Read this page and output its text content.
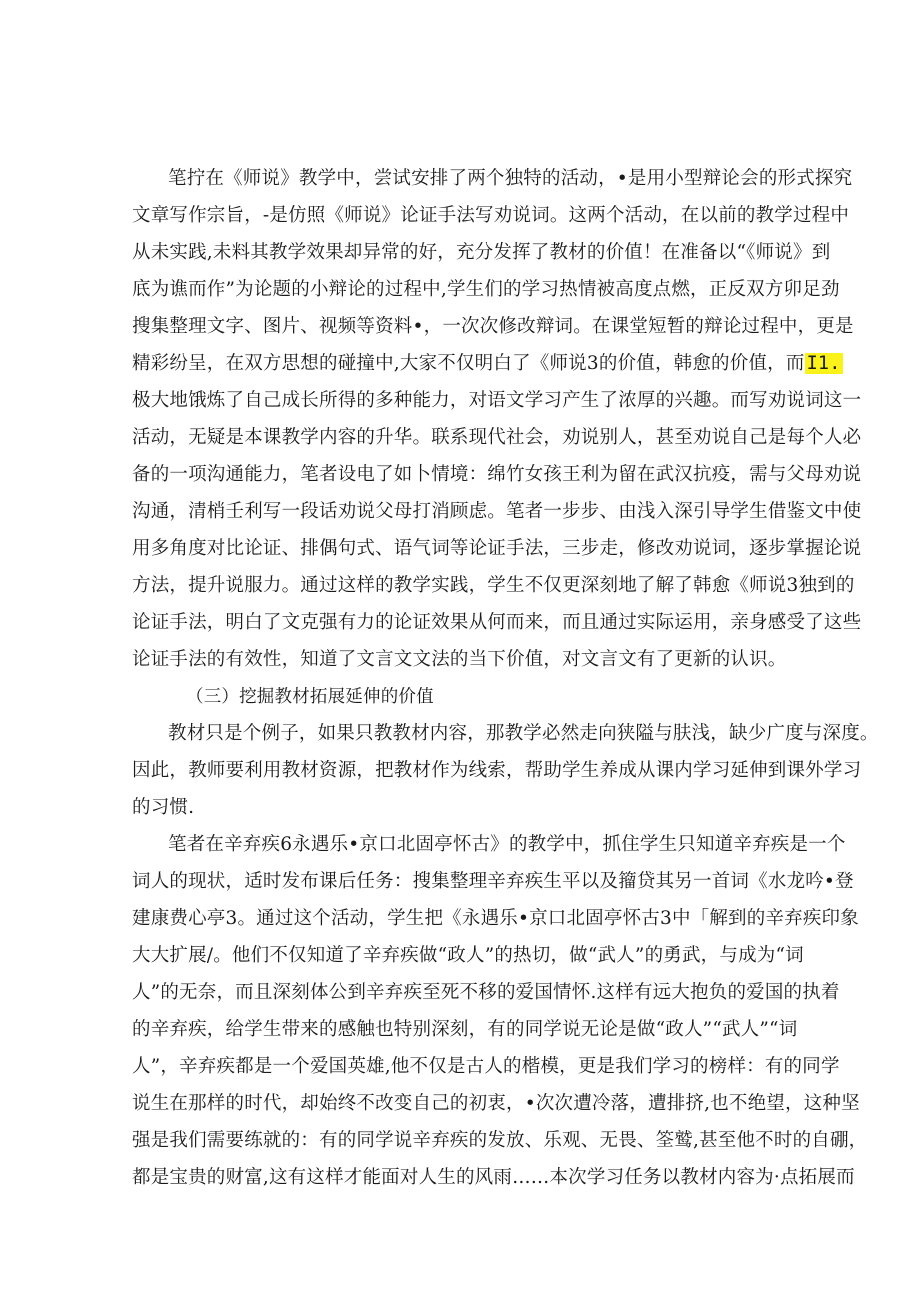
笔拧在《师说》教学中，尝试安排了两个独特的活动，•是用小型辩论会的形式探究
文章写作宗旨，-是仿照《师说》论证手法写劝说词。这两个活动，在以前的教学过程中
从未实践,未料其教学效果却异常的好，充分发挥了教材的价值！在准备以“《师说》到
底为谯而作”为论题的小辩论的过程中,学生们的学习热情被高度点燃，正反双方卯足劲
搜集整理文字、图片、视频等资料•，一次次修改辩词。在课堂短暂的辩论过程中，更是
精彩纷呈，在双方思想的碰撞中,大家不仅明白了《师说3的价值，韩愈的价值，而 I1.
极大地饿炼了自己成长所得的多种能力，对语文学习产生了浓厚的兴趣。而写劝说词这一
活动，无疑是本课教学内容的升华。联系现代社会，劝说别人，甚至劝说自己是每个人必
备的一项沟通能力，笔者设电了如卜情境：绵竹女孩王利为留在武汉抗疫，需与父母劝说
沟通，清梢壬利写一段话劝说父母打消顾虑。笔者一步步、由浅入深引导学生借鉴文中使
用多角度对比论证、排偶句式、语气词等论证手法，三步走，修改劝说词，逐步掌握论说
方法，提升说服力。通过这样的教学实践，学生不仅更深刻地了解了韩愈《师说3独到的
论证手法，明白了文克强有力的论证效果从何而来，而且通过实际运用，亲身感受了这些
论证手法的有效性，知道了文言文文法的当下价值，对文言文有了更新的认识。
（三）挖掘教材拓展延伸的价值
教材只是个例子，如果只教教材内容，那教学必然走向狭隘与肤浅，缺少广度与深度。
因此，教师要利用教材资源，把教材作为线索，帮助学生养成从课内学习延伸到课外学习
的习惯.
笔者在辛弃疾6永遇乐•京口北固亭怀古》的教学中，抓住学生只知道辛弃疾是一个
词人的现状，适时发布课后任务：搜集整理辛弃疾生平以及籀贷其另一首词《水龙吟•登
建康费心亭3。通过这个活动，学生把《永遇乐•京口北固亭怀古3中「解到的辛弃疾印象
大大扩展/。他们不仅知道了辛弃疾做“政人”的热切，做“武人”的勇武，与成为“词
人”的无奈，而且深刻体公到辛弃疾至死不移的爱国情怀.这样有远大抱负的爱国的执着
的辛弃疾，给学生带来的感触也特别深刻，有的同学说无论是做“政人”“武人”“词
人”，辛弃疾都是一个爱国英雄,他不仅是古人的楷模，更是我们学习的榜样：有的同学
说生在那样的时代，却始终不改变自己的初衷，•次次遭冷落，遭排挤,也不绝望，这种坚
强是我们需要练就的：有的同学说辛弃疾的发放、乐观、无畏、筌鹫,甚至他不时的自硼，
都是宝贵的财富,这有这样才能面对人生的风雨……本次学习任务以教材内容为·点拓展而
